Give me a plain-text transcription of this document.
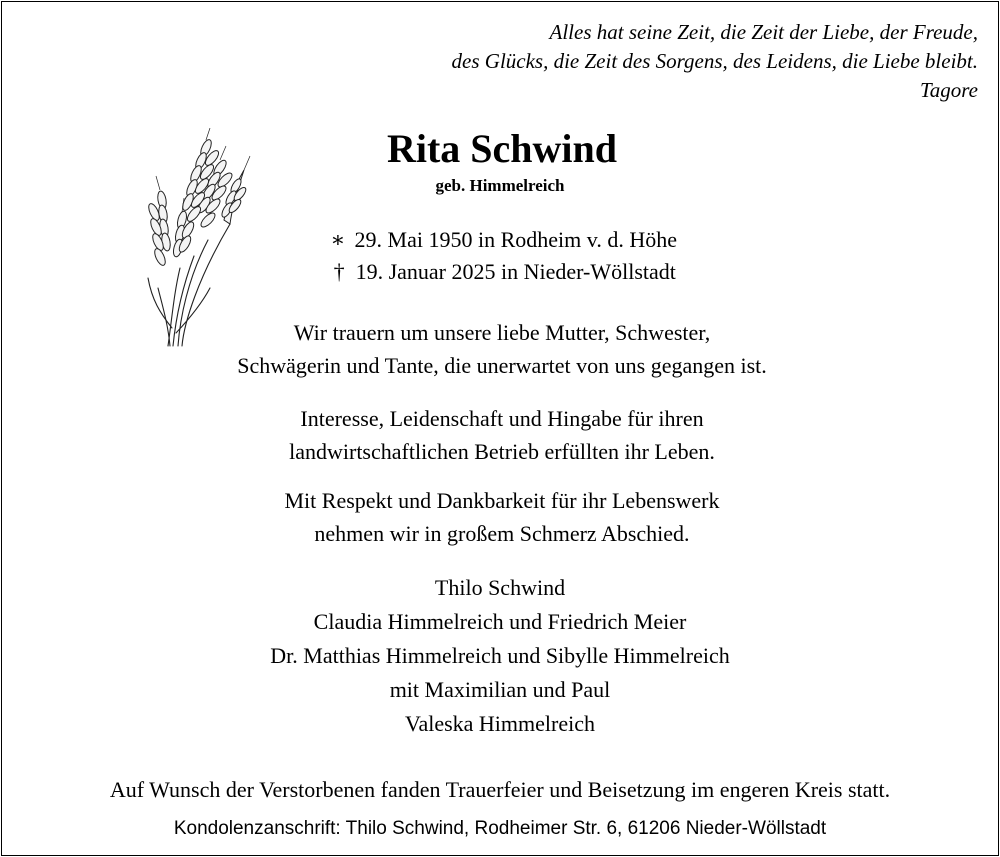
Alles hat seine Zeit, die Zeit der Liebe, der Freude,
des Glücks, die Zeit des Sorgens, des Leidens, die Liebe bleibt.
Tagore
Rita Schwind
geb. Himmelreich
∗ 29. Mai 1950 in Rodheim v. d. Höhe
† 19. Januar 2025 in Nieder-Wöllstadt
Wir trauern um unsere liebe Mutter, Schwester,
Schwägerin und Tante, die unerwartet von uns gegangen ist.
Interesse, Leidenschaft und Hingabe für ihren
landwirtschaftlichen Betrieb erfüllten ihr Leben.
Mit Respekt und Dankbarkeit für ihr Lebenswerk
nehmen wir in großem Schmerz Abschied.
Thilo Schwind
Claudia Himmelreich und Friedrich Meier
Dr. Matthias Himmelreich und Sibylle Himmelreich
mit Maximilian und Paul
Valeska Himmelreich
Auf Wunsch der Verstorbenen fanden Trauerfeier und Beisetzung im engeren Kreis statt.
Kondolenzanschrift: Thilo Schwind, Rodheimer Str. 6, 61206 Nieder-Wöllstadt
